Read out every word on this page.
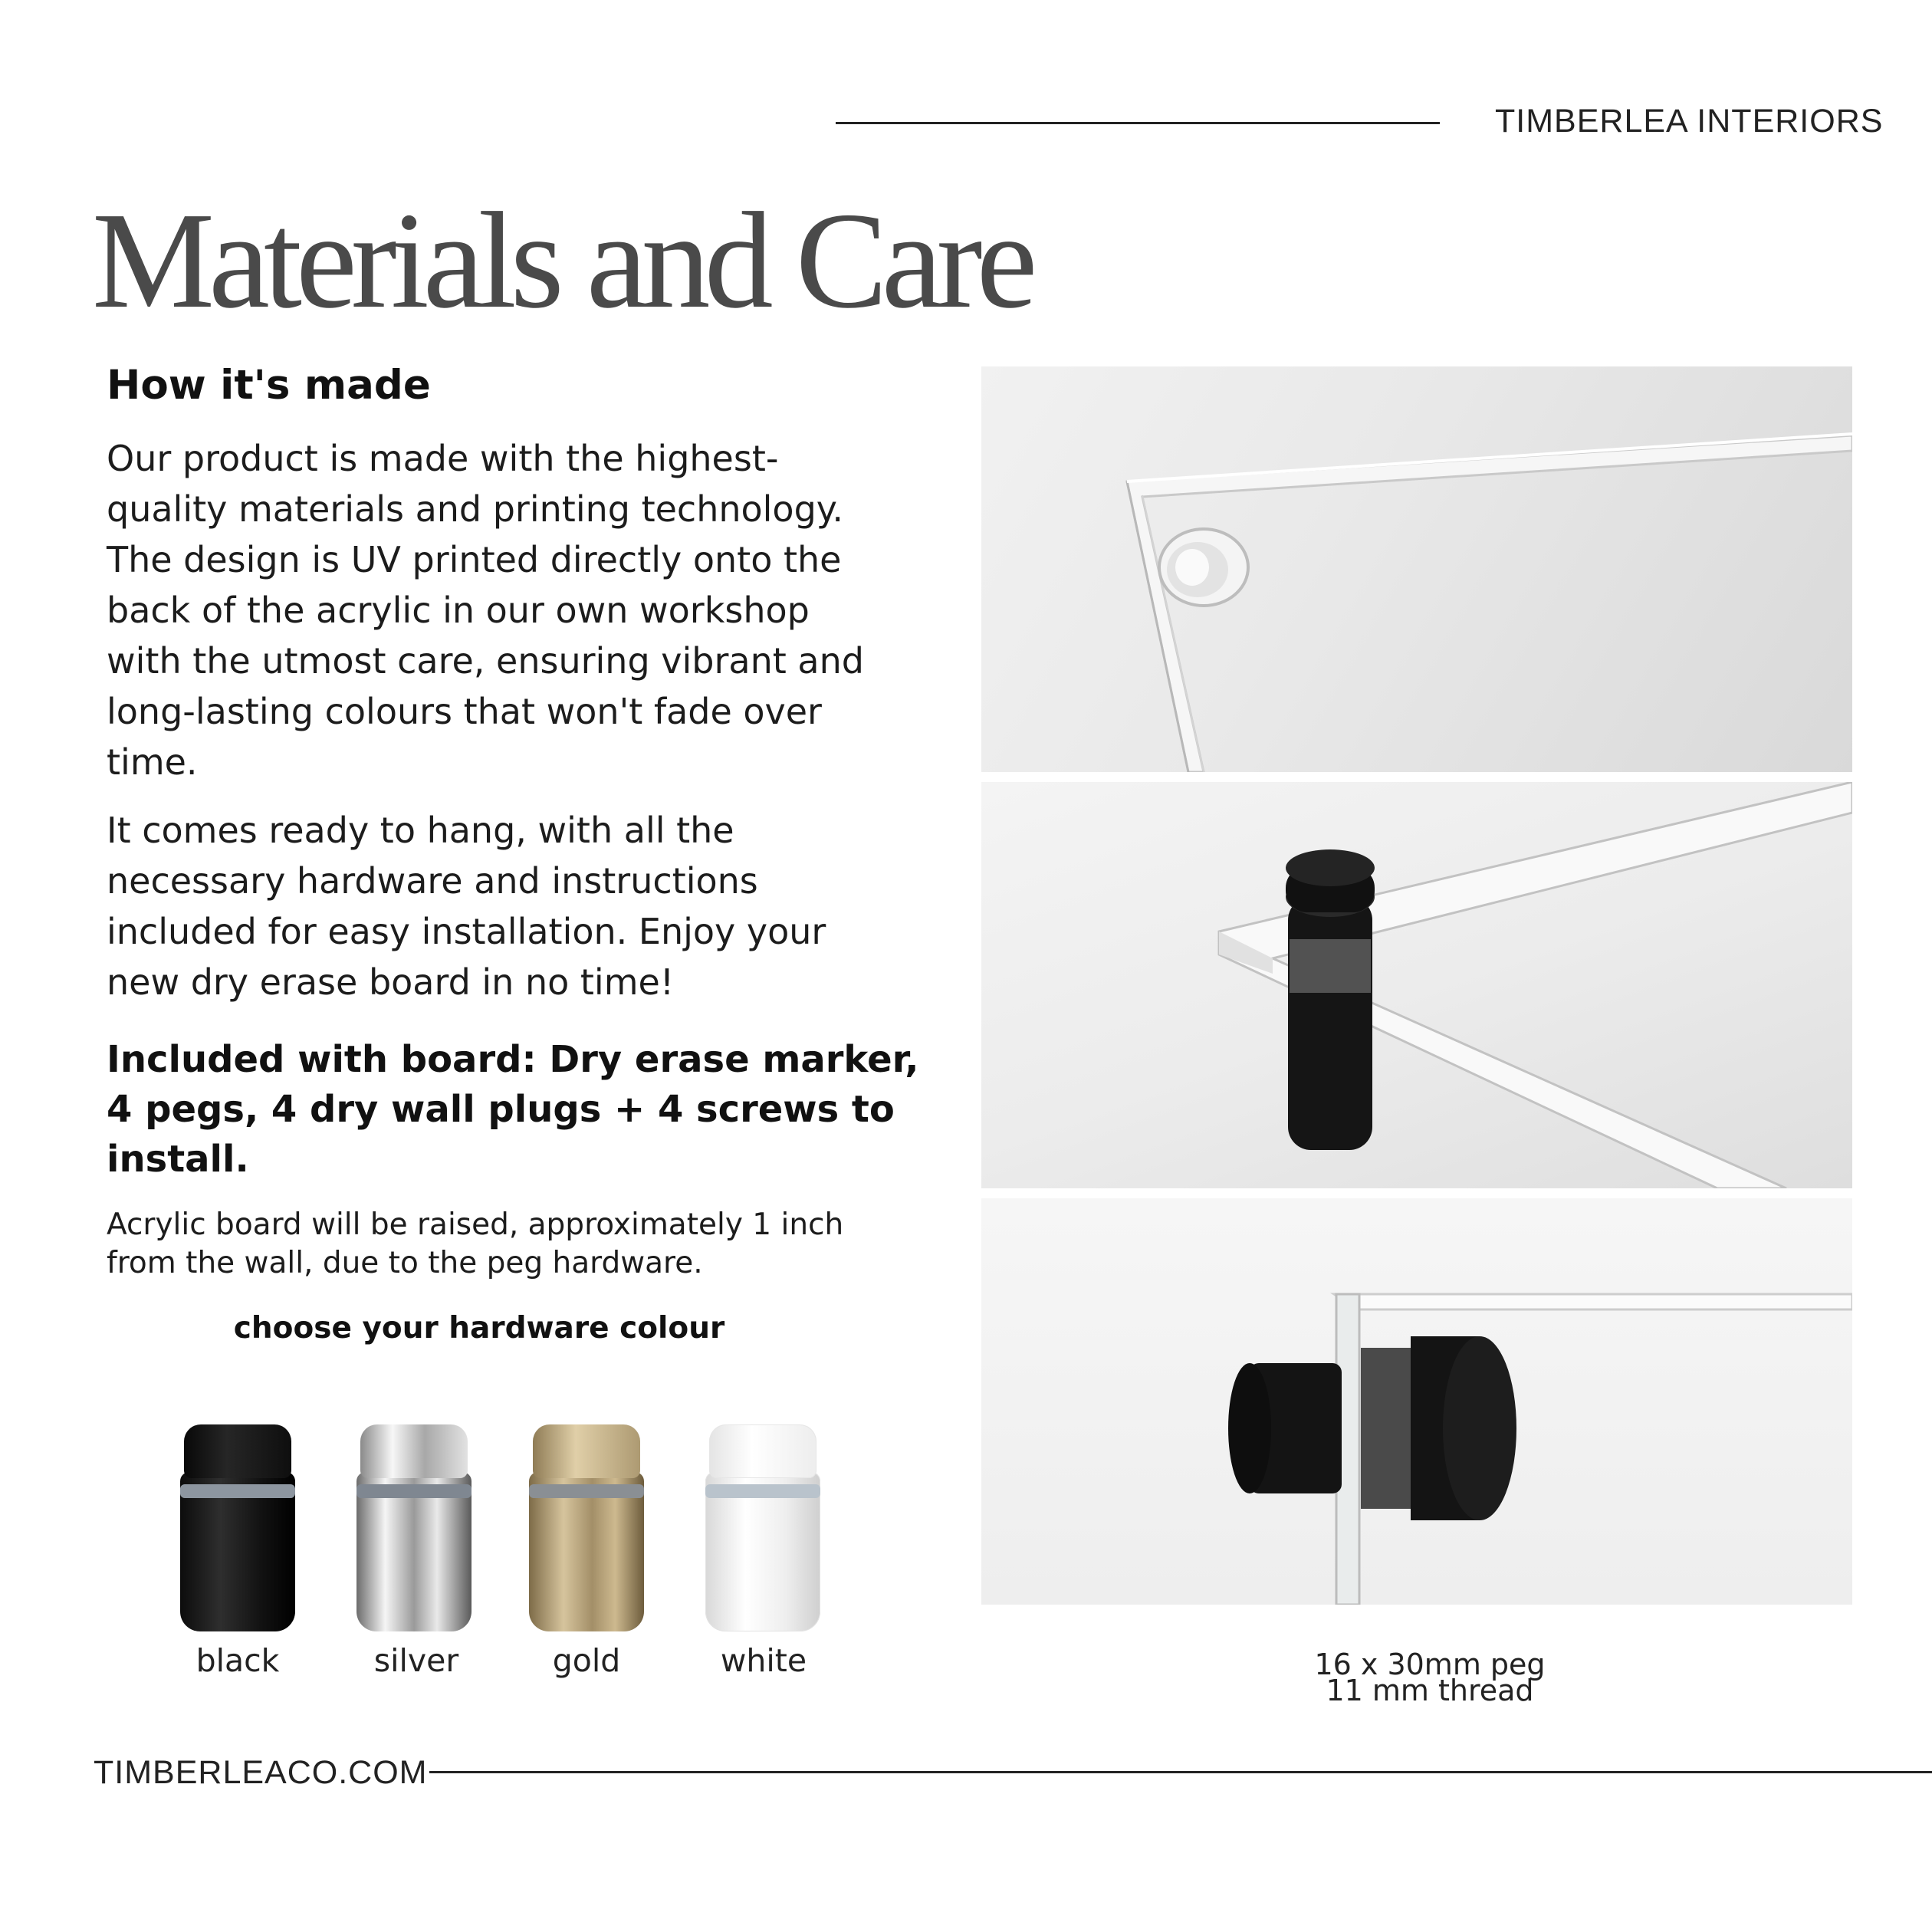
TIMBERLEA INTERIORS
Materials and Care
How it's made
Our product is made with the highest-
quality materials and printing technology.
The design is UV printed directly onto the
back of the acrylic in our own workshop
with the utmost care, ensuring vibrant and
long-lasting colours that won't fade over
time.
It comes ready to hang, with all the
necessary hardware and instructions
included for easy installation. Enjoy your
new dry erase board in no time!
Included with board: Dry erase marker,
4 pegs, 4 dry wall plugs + 4 screws to
install.
Acrylic board will be raised, approximately 1 inch
from the wall, due to the peg hardware.
choose your hardware colour
black	silver	gold	white	16 x 30mm peg
11 mm thread
TIMBERLEACO.COM
